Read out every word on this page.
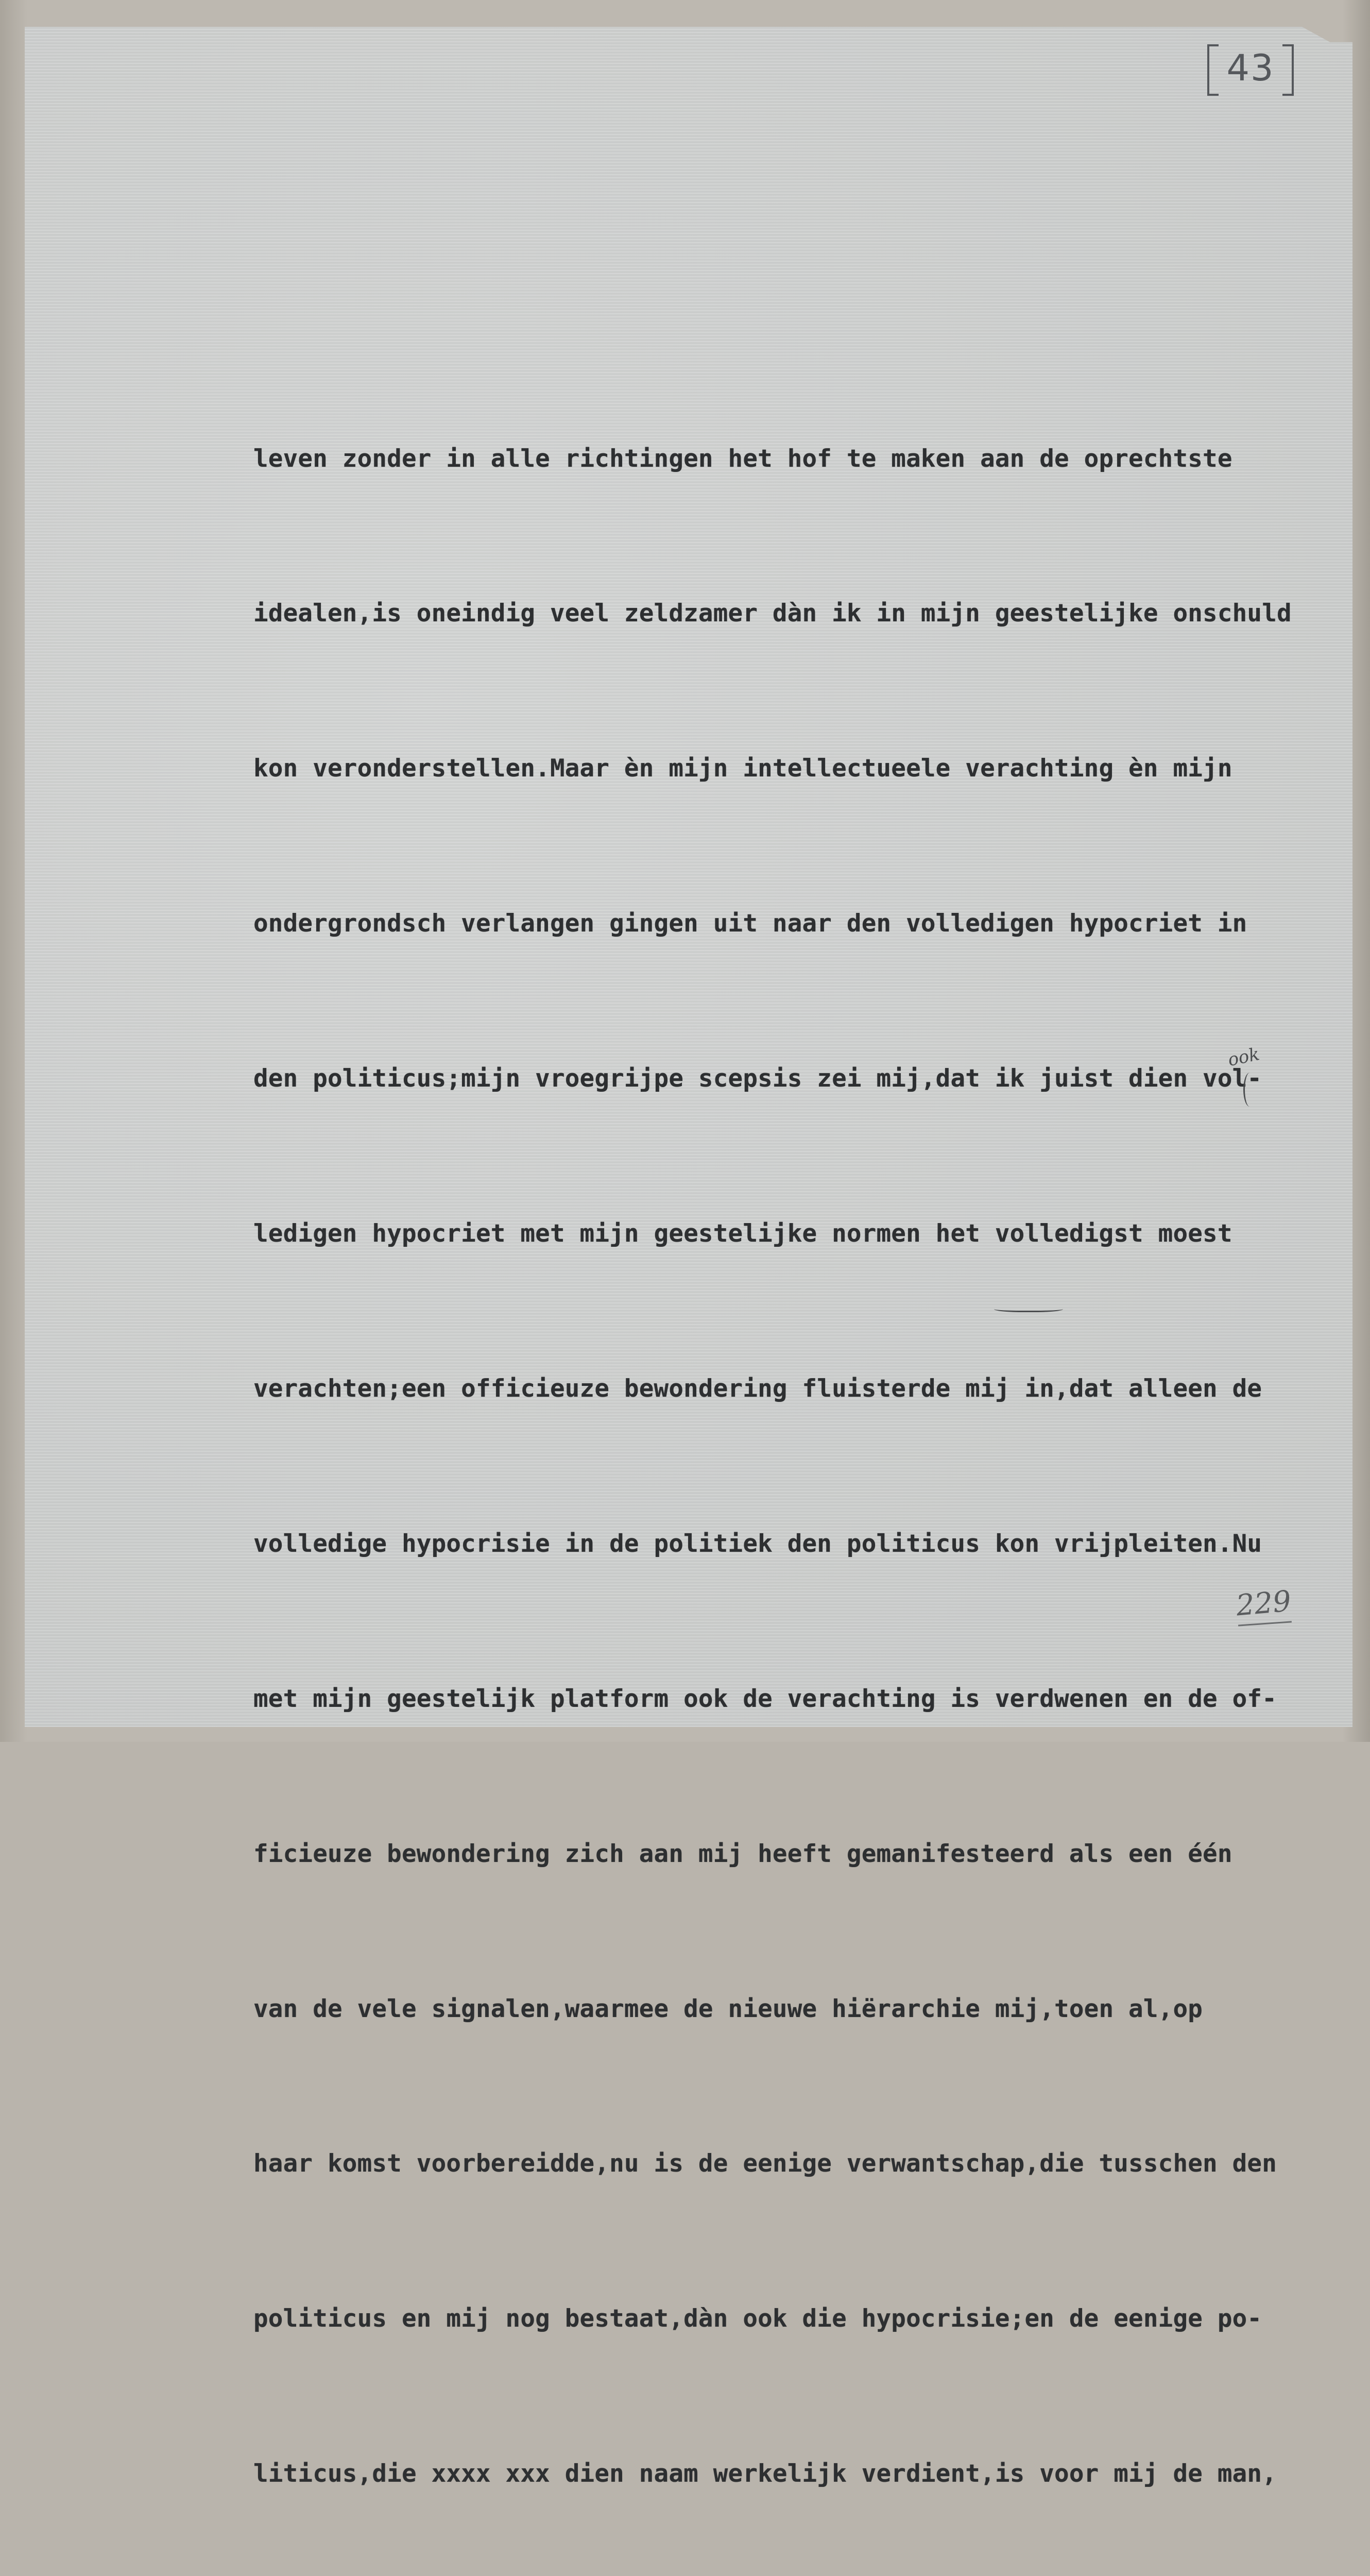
43

leven zonder in alle richtingen het hof te maken aan de oprechtste

idealen,is oneindig veel zeldzamer dàn ik in mijn geestelijke onschuld

kon veronderstellen.Maar èn mijn intellectueele verachting èn mijn

ondergrondsch verlangen gingen uit naar den volledigen hypocriet in

den politicus;mijn vroegrijpe scepsis zei mij,dat ik juist dien vol-

ledigen hypocriet met mijn geestelijke normen het volledigst moest

verachten;een officieuze bewondering fluisterde mij in,dat alleen de

volledige hypocrisie in de politiek den politicus kon vrijpleiten.Nu

met mijn geestelijk platform ook de verachting is verdwenen en de of-

ficieuze bewondering zich aan mij heeft gemanifesteerd als een één

van de vele signalen,waarmee de nieuwe hiërarchie mij,toen al,op

haar komst voorbereidde,nu is de eenige verwantschap,die tusschen den

politicus en mij nog bestaat,dàn ook die hypocrisie;en de eenige po-

liticus,die xxxx xxx dien naam werkelijk verdient,is voor mij de man,

ook
229
